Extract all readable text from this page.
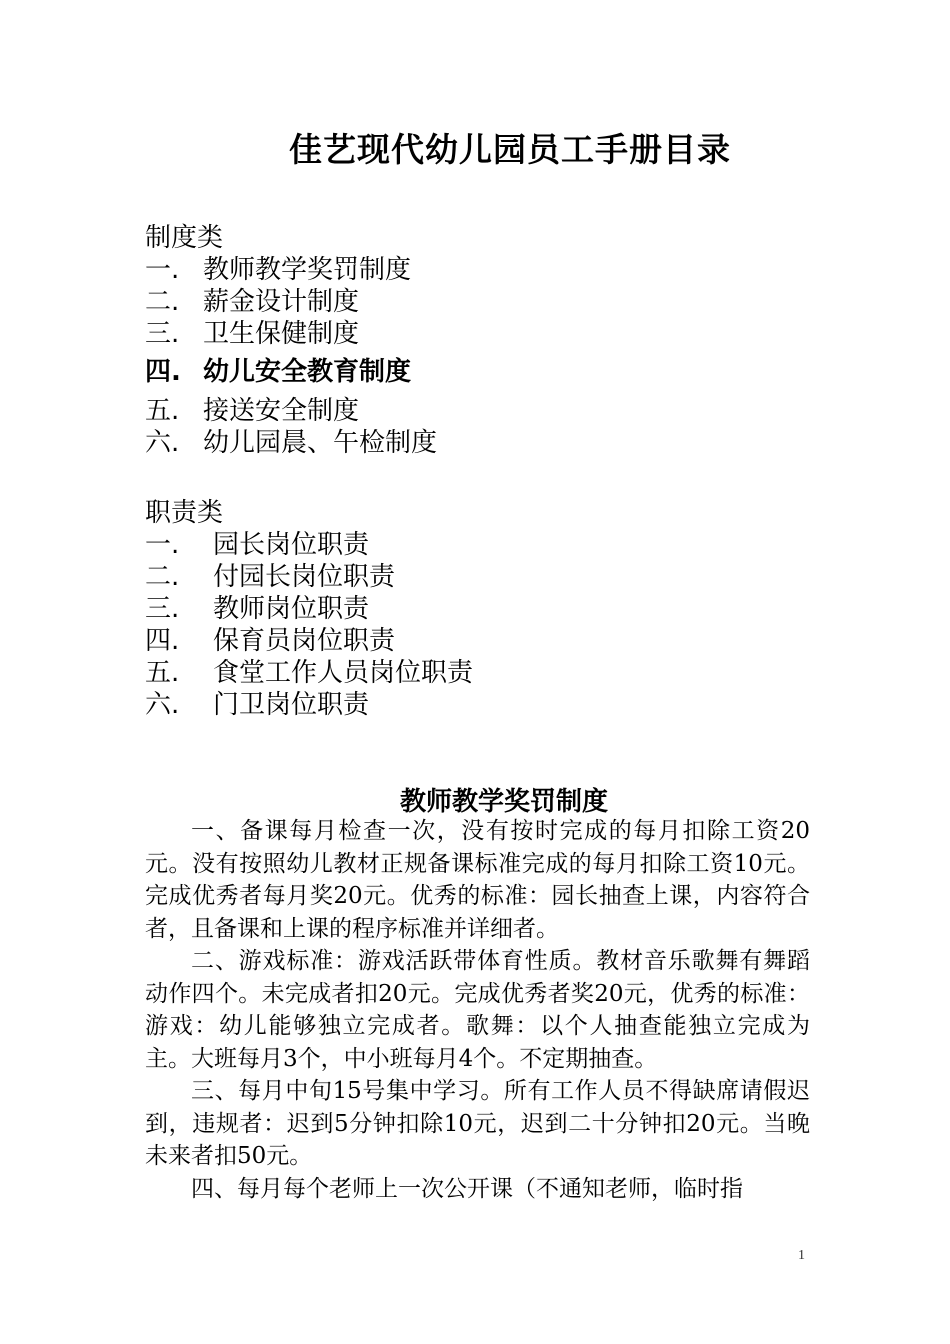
佳艺现代幼儿园员工手册目录
制度类
一. 教师教学奖罚制度
二. 薪金设计制度
三. 卫生保健制度
四. 幼儿安全教育制度
五. 接送安全制度
六. 幼儿园晨、午检制度
职责类
一. 园长岗位职责
二. 付园长岗位职责
三. 教师岗位职责
四. 保育员岗位职责
五. 食堂工作人员岗位职责
六. 门卫岗位职责
教师教学奖罚制度

一、备课每月检查一次，没有按时完成的每月扣除工资20元。没有按照幼儿教材正规备课标准完成的每月扣除工资10元。完成优秀者每月奖20元。优秀的标准：园长抽查上课，内容符合者，且备课和上课的程序标准并详细者。

二、游戏标准：游戏活跃带体育性质。教材音乐歌舞有舞蹈动作四个。未完成者扣20元。完成优秀者奖20元，优秀的标准：游戏：幼儿能够独立完成者。歌舞：以个人抽查能独立完成为主。大班每月3个，中小班每月4个。不定期抽查。

三、每月中旬15号集中学习。所有工作人员不得缺席请假迟到，违规者：迟到5分钟扣除10元，迟到二十分钟扣20元。当晚未来者扣50元。

四、每月每个老师上一次公开课（不通知老师，临时指

1
